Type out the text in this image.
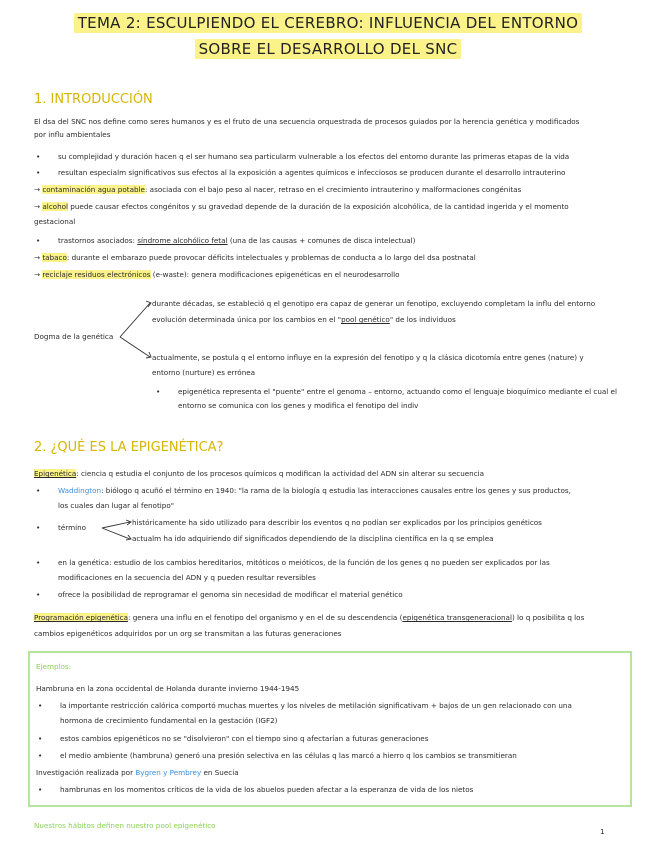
TEMA 2: ESCULPIENDO EL CEREBRO: INFLUENCIA DEL ENTORNO
SOBRE EL DESARROLLO DEL SNC
1. INTRODUCCIÓN
El dsa del SNC nos define como seres humanos y es el fruto de una secuencia orquestrada de procesos guiados por la herencia genética y modificados
por influ ambientales
• su complejidad y duración hacen q el ser humano sea particularm vulnerable a los efectos del entorno durante las primeras etapas de la vida
• resultan especialm significativos sus efectos al la exposición a agentes químicos e infecciosos se producen durante el desarrollo intrauterino
→ contaminación agua potable: asociada con el bajo peso al nacer, retraso en el crecimiento intrauterino y malformaciones congénitas
→ alcohol puede causar efectos congénitos y su gravedad depende de la duración de la exposición alcohólica, de la cantidad ingerida y el momento
gestacional
• trastornos asociados: síndrome alcohólico fetal (una de las causas + comunes de disca intelectual)
→ tabaco: durante el embarazo puede provocar déficits intelectuales y problemas de conducta a lo largo del dsa postnatal
→ reciclaje residuos electrónicos (e-waste): genera modificaciones epigenéticas en el neurodesarrollo
Dogma de la genética
durante décadas, se estableció q el genotipo era capaz de generar un fenotipo, excluyendo completam la influ del entorno
evolución determinada única por los cambios en el "pool genético" de los individuos
actualmente, se postula q el entorno influye en la expresión del fenotipo y q la clásica dicotomía entre genes (nature) y
entorno (nurture) es errónea
• epigenética representa el "puente" entre el genoma – entorno, actuando como el lenguaje bioquímico mediante el cual el
entorno se comunica con los genes y modifica el fenotipo del indiv
2. ¿QUÉ ES LA EPIGENÉTICA?
Epigenética: ciencia q estudia el conjunto de los procesos químicos q modifican la actividad del ADN sin alterar su secuencia
• Waddington: biólogo q acuñó el término en 1940: "la rama de la biología q estudia las interacciones causales entre los genes y sus productos,
los cuales dan lugar al fenotipo"
• término
históricamente ha sido utilizado para describir los eventos q no podían ser explicados por los principios genéticos
actualm ha ido adquiriendo dif significados dependiendo de la disciplina científica en la q se emplea
• en la genética: estudio de los cambios hereditarios, mitóticos o meióticos, de la función de los genes q no pueden ser explicados por las
modificaciones en la secuencia del ADN y q pueden resultar reversibles
• ofrece la posibilidad de reprogramar el genoma sin necesidad de modificar el material genético
Programación epigenética: genera una influ en el fenotipo del organismo y en el de su descendencia (epigenética transgeneracional) lo q posibilita q los
cambios epigenéticos adquiridos por un org se transmitan a las futuras generaciones
Ejemplos:
Hambruna en la zona occidental de Holanda durante invierno 1944-1945
• la importante restricción calórica comportó muchas muertes y los niveles de metilación significativam + bajos de un gen relacionado con una
hormona de crecimiento fundamental en la gestación (IGF2)
• estos cambios epigenéticos no se "disolvieron" con el tiempo sino q afectarían a futuras generaciones
• el medio ambiente (hambruna) generó una presión selectiva en las células q las marcó a hierro q los cambios se transmitieran
Investigación realizada por Bygren y Pembrey en Suecia
• hambrunas en los momentos críticos de la vida de los abuelos pueden afectar a la esperanza de vida de los nietos
Nuestros hábitos definen nuestro pool epigenético
1
